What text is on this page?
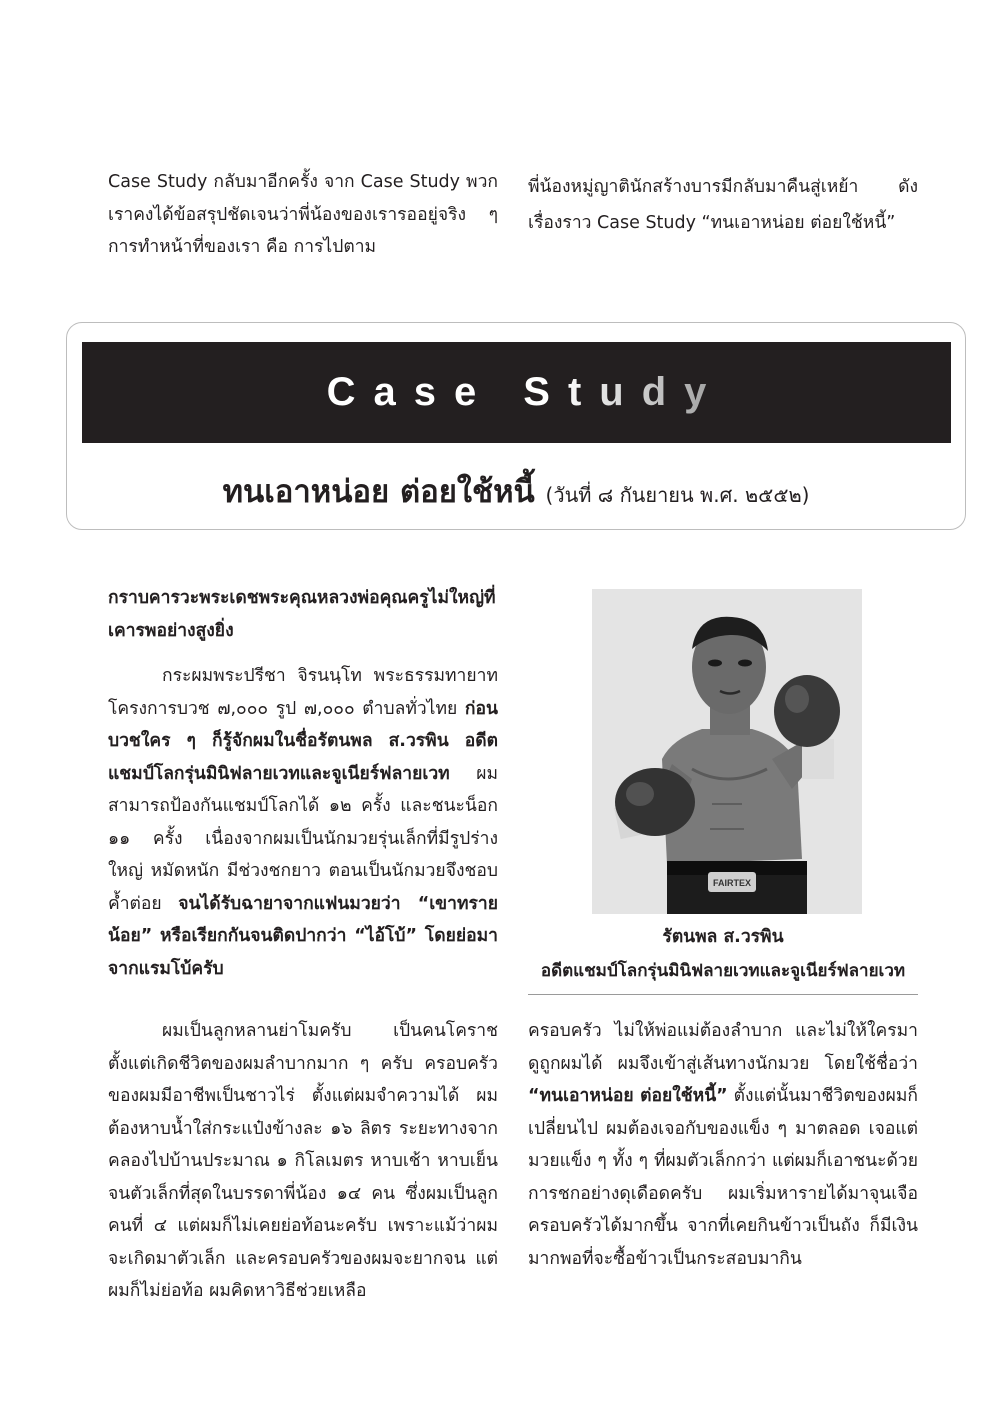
Case Study กลับมาอีกครั้ง จาก Case Study พวกเราคงได้ข้อสรุปชัดเจนว่าพี่น้องของเรารออยู่จริง ๆ การทำหน้าที่ของเรา คือ การไปตาม

พี่น้องหมู่ญาตินักสร้างบารมีกลับมาคืนสู่เหย้า ดังเรื่องราว Case Study “ทนเอาหน่อย ต่อยใช้หนี้”

Case Study
ทนเอาหน่อย ต่อยใช้หนี้ (วันที่ ๘ กันยายน พ.ศ. ๒๕๕๒)

กราบคารวะพระเดชพระคุณหลวงพ่อคุณครูไม่ใหญ่ที่เคารพอย่างสูงยิ่ง

กระผมพระปรีชา จิรนนฺโท พระธรรมทายาท โครงการบวช ๗,๐๐๐ รูป ๗,๐๐๐ ตำบลทั่วไทย ก่อนบวชใคร ๆ ก็รู้จักผมในชื่อรัตนพล ส.วรพิน อดีตแชมป์โลกรุ่นมินิฟลายเวทและจูเนียร์ฟลายเวท ผมสามารถป้องกันแชมป์โลกได้ ๑๒ ครั้ง และชนะน็อก ๑๑ ครั้ง เนื่องจากผมเป็นนักมวยรุ่นเล็กที่มีรูปร่างใหญ่ หมัดหนัก มีช่วงชกยาว ตอนเป็นนักมวยจึงชอบค้ำต่อย จนได้รับฉายาจากแฟนมวยว่า “เขาทรายน้อย” หรือเรียกกันจนติดปากว่า “ไอ้โบ้” โดยย่อมาจากแรมโบ้ครับ

ผมเป็นลูกหลานย่าโมครับ เป็นคนโคราช ตั้งแต่เกิดชีวิตของผมลำบากมาก ๆ ครับ ครอบครัวของผมมีอาชีพเป็นชาวไร่ ตั้งแต่ผมจำความได้ ผมต้องหาบน้ำใส่กระแป๋งข้างละ ๑๖ ลิตร ระยะทางจากคลองไปบ้านประมาณ ๑ กิโลเมตร หาบเช้า หาบเย็น จนตัวเล็กที่สุดในบรรดาพี่น้อง ๑๔ คน ซึ่งผมเป็นลูกคนที่ ๔ แต่ผมก็ไม่เคยย่อท้อนะครับ เพราะแม้ว่าผมจะเกิดมาตัวเล็ก และครอบครัวของผมจะยากจน แต่ผมก็ไม่ย่อท้อ ผมคิดหาวิธีช่วยเหลือ

FAIRTEX
รัตนพล ส.วรพิน
อดีตแชมป์โลกรุ่นมินิฟลายเวทและจูเนียร์ฟลายเวท

ครอบครัว ไม่ให้พ่อแม่ต้องลำบาก และไม่ให้ใครมาดูถูกผมได้ ผมจึงเข้าสู่เส้นทางนักมวย โดยใช้ชื่อว่า “ทนเอาหน่อย ต่อยใช้หนี้” ตั้งแต่นั้นมาชีวิตของผมก็เปลี่ยนไป ผมต้องเจอกับของแข็ง ๆ มาตลอด เจอแต่มวยแข็ง ๆ ทั้ง ๆ ที่ผมตัวเล็กกว่า แต่ผมก็เอาชนะด้วยการชกอย่างดุเดือดครับ ผมเริ่มหารายได้มาจุนเจือครอบครัวได้มากขึ้น จากที่เคยกินข้าวเป็นถัง ก็มีเงินมากพอที่จะซื้อข้าวเป็นกระสอบมากิน
